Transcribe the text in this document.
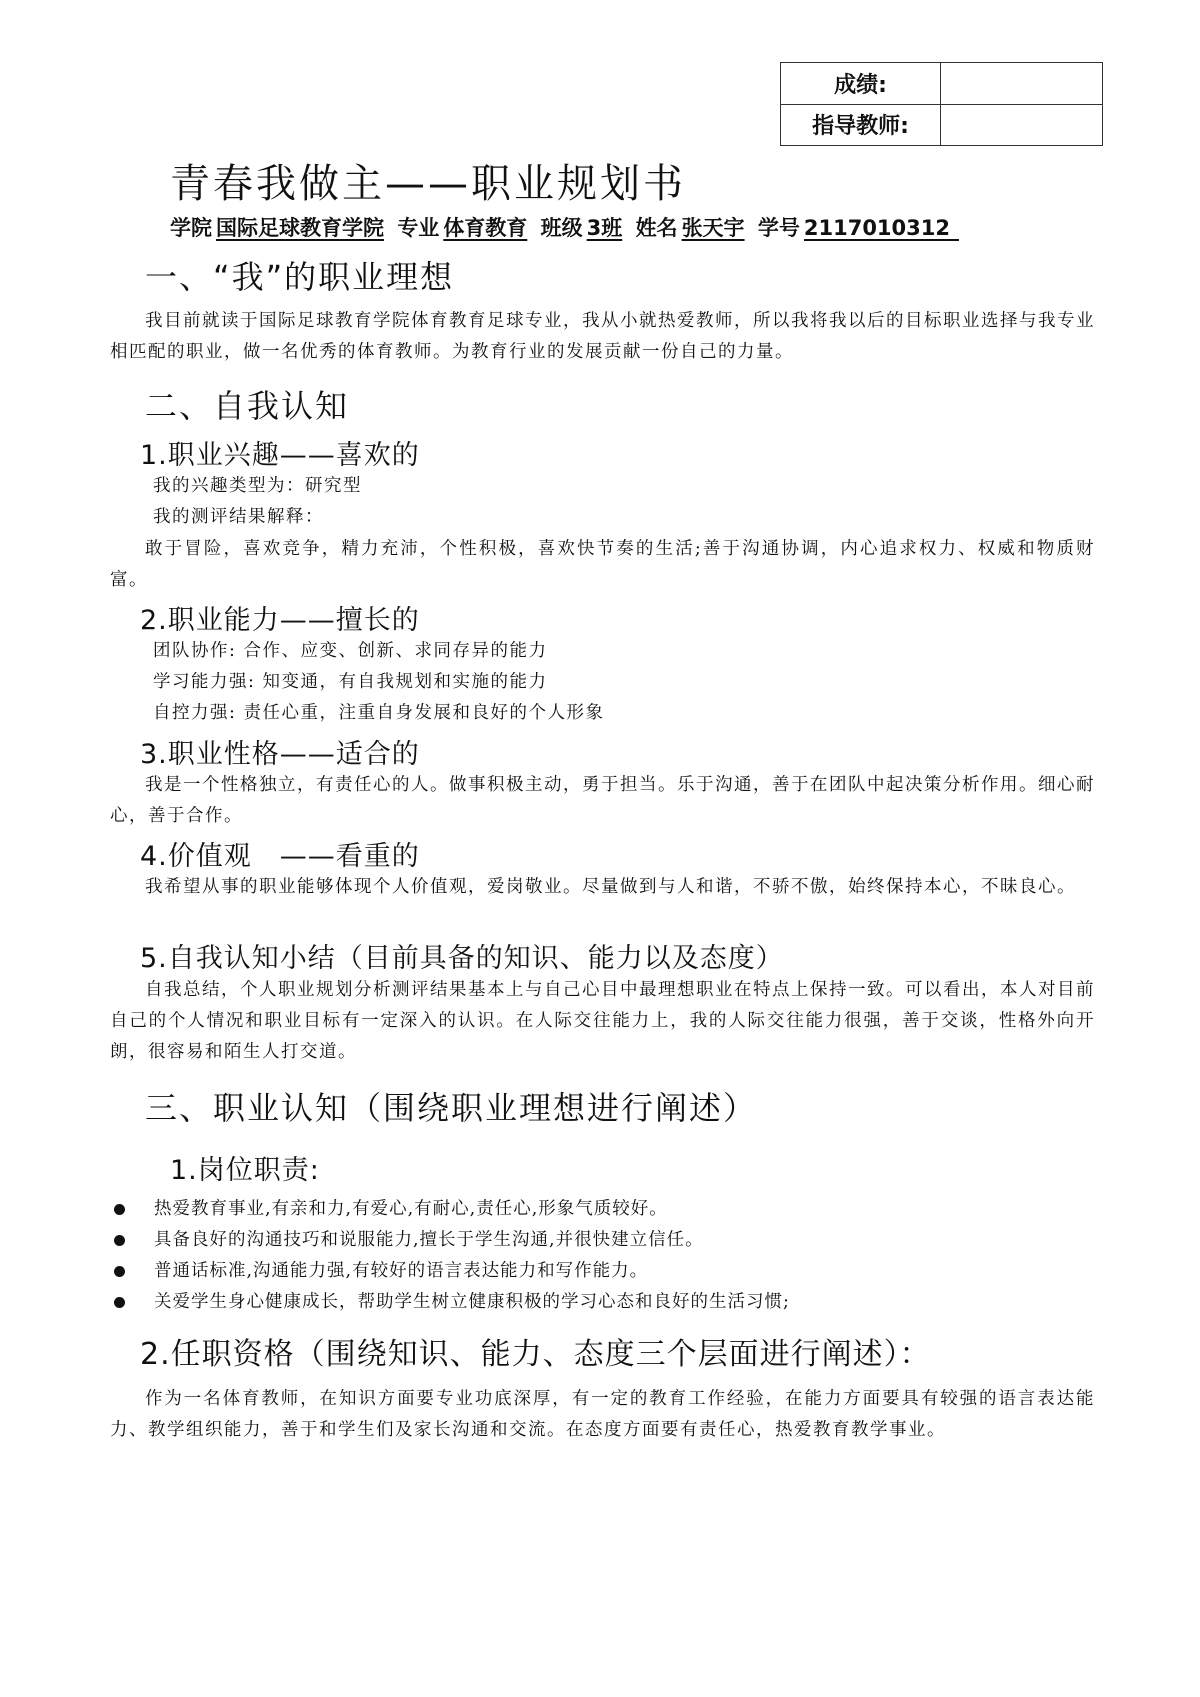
成绩:
指导教师:
青春我做主——职业规划书
学院 国际足球教育学院 专业 体育教育 班级 3班 姓名 张天宇 学号 2117010312
一、“我”的职业理想

我目前就读于国际足球教育学院体育教育足球专业，我从小就热爱教师，所以我将我以后的目标职业选择与我专业相匹配的职业，做一名优秀的体育教师。为教育行业的发展贡献一份自己的力量。

二、自我认知
1.职业兴趣——喜欢的

我的兴趣类型为：研究型

我的测评结果解释：

敢于冒险，喜欢竞争，精力充沛，个性积极，喜欢快节奏的生活;善于沟通协调，内心追求权力、权威和物质财富。

2.职业能力——擅长的

团队协作: 合作、应变、创新、求同存异的能力

学习能力强: 知变通，有自我规划和实施的能力

自控力强: 责任心重，注重自身发展和良好的个人形象

3.职业性格——适合的

我是一个性格独立，有责任心的人。做事积极主动，勇于担当。乐于沟通，善于在团队中起决策分析作用。细心耐心，善于合作。

4.价值观　——看重的

我希望从事的职业能够体现个人价值观，爱岗敬业。尽量做到与人和谐，不骄不傲，始终保持本心，不昧良心。

5.自我认知小结（目前具备的知识、能力以及态度）

自我总结，个人职业规划分析测评结果基本上与自己心目中最理想职业在特点上保持一致。可以看出，本人对目前自己的个人情况和职业目标有一定深入的认识。在人际交往能力上，我的人际交往能力很强，善于交谈，性格外向开朗，很容易和陌生人打交道。

三、职业认知（围绕职业理想进行阐述）
1.岗位职责:
热爱教育事业,有亲和力,有爱心,有耐心,责任心,形象气质较好。
具备良好的沟通技巧和说服能力,擅长于学生沟通,并很快建立信任。
普通话标准,沟通能力强,有较好的语言表达能力和写作能力。
关爱学生身心健康成长，帮助学生树立健康积极的学习心态和良好的生活习惯;
2.任职资格（围绕知识、能力、态度三个层面进行阐述）：

作为一名体育教师，在知识方面要专业功底深厚，有一定的教育工作经验，在能力方面要具有较强的语言表达能力、教学组织能力，善于和学生们及家长沟通和交流。在态度方面要有责任心，热爱教育教学事业。
